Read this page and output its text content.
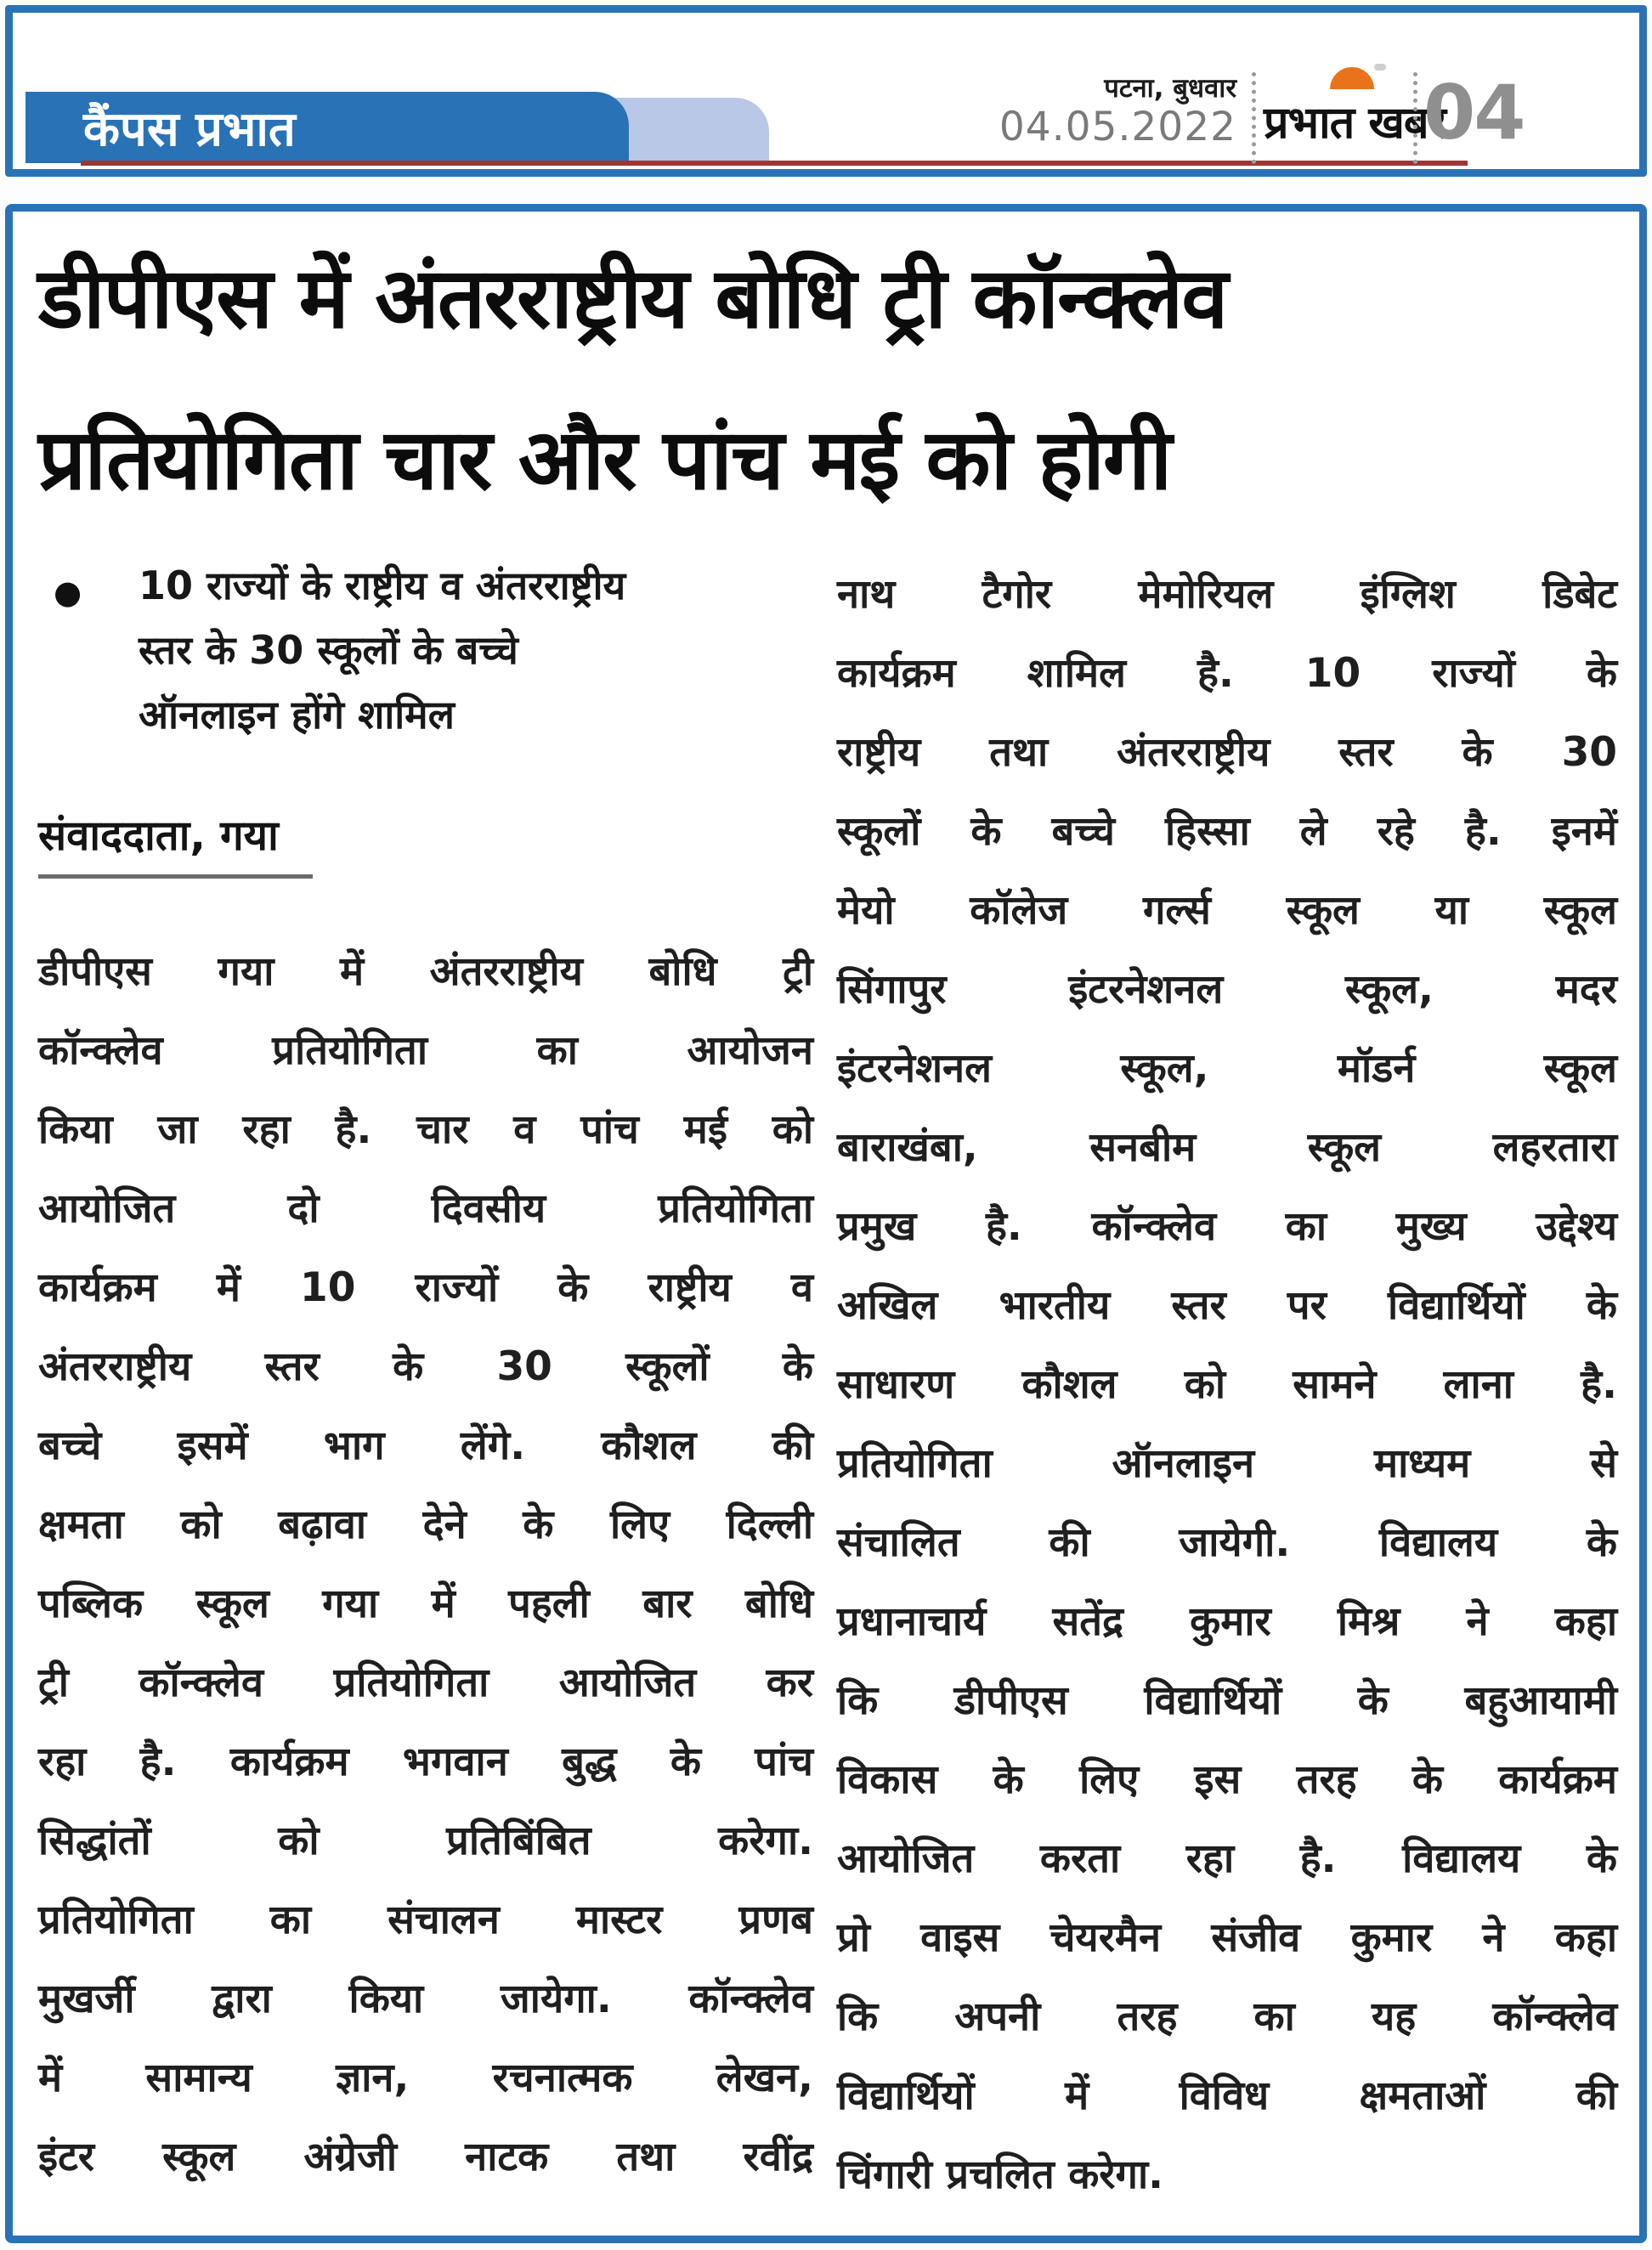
कैंपस प्रभात
पटना, बुधवार
04.05.2022 प्रभात खबर
04
डीपीएस में अंतरराष्ट्रीय बोधि ट्री कॉन्क्लेव
प्रतियोगिता चार और पांच मई को होगी
●	10 राज्यों के राष्ट्रीय व अंतरराष्ट्रीय
स्तर के 30 स्कूलों के बच्चे
ऑनलाइन होंगे शामिल
संवाददाता, गया
डीपीएस गया में अंतरराष्ट्रीय बोधि ट्री
कॉन्क्लेव प्रतियोगिता का आयोजन
किया जा रहा है. चार व पांच मई को
आयोजित दो दिवसीय प्रतियोगिता
कार्यक्रम में 10 राज्यों के राष्ट्रीय व
अंतरराष्ट्रीय स्तर के 30 स्कूलों के
बच्चे इसमें भाग लेंगे. कौशल की
क्षमता को बढ़ावा देने के लिए दिल्ली
पब्लिक स्कूल गया में पहली बार बोधि
ट्री कॉन्क्लेव प्रतियोगिता आयोजित कर
रहा है. कार्यक्रम भगवान बुद्ध के पांच
सिद्धांतों को प्रतिबिंबित करेगा.
प्रतियोगिता का संचालन मास्टर प्रणब
मुखर्जी द्वारा किया जायेगा. कॉन्क्लेव
में सामान्य ज्ञान, रचनात्मक लेखन,
इंटर स्कूल अंग्रेजी नाटक तथा रवींद्र
नाथ टैगोर मेमोरियल इंग्लिश डिबेट
कार्यक्रम शामिल है. 10 राज्यों के
राष्ट्रीय तथा अंतरराष्ट्रीय स्तर के 30
स्कूलों के बच्चे हिस्सा ले रहे है. इनमें
मेयो कॉलेज गर्ल्स स्कूल या स्कूल
सिंगापुर इंटरनेशनल स्कूल, मदर
इंटरनेशनल स्कूल, मॉडर्न स्कूल
बाराखंबा, सनबीम स्कूल लहरतारा
प्रमुख है. कॉन्क्लेव का मुख्य उद्देश्य
अखिल भारतीय स्तर पर विद्यार्थियों के
साधारण कौशल को सामने लाना है.
प्रतियोगिता ऑनलाइन माध्यम से
संचालित की जायेगी. विद्यालय के
प्रधानाचार्य सतेंद्र कुमार मिश्र ने कहा
कि डीपीएस विद्यार्थियों के बहुआयामी
विकास के लिए इस तरह के कार्यक्रम
आयोजित करता रहा है. विद्यालय के
प्रो वाइस चेयरमैन संजीव कुमार ने कहा
कि अपनी तरह का यह कॉन्क्लेव
विद्यार्थियों में विविध क्षमताओं की
चिंगारी प्रचलित करेगा.
